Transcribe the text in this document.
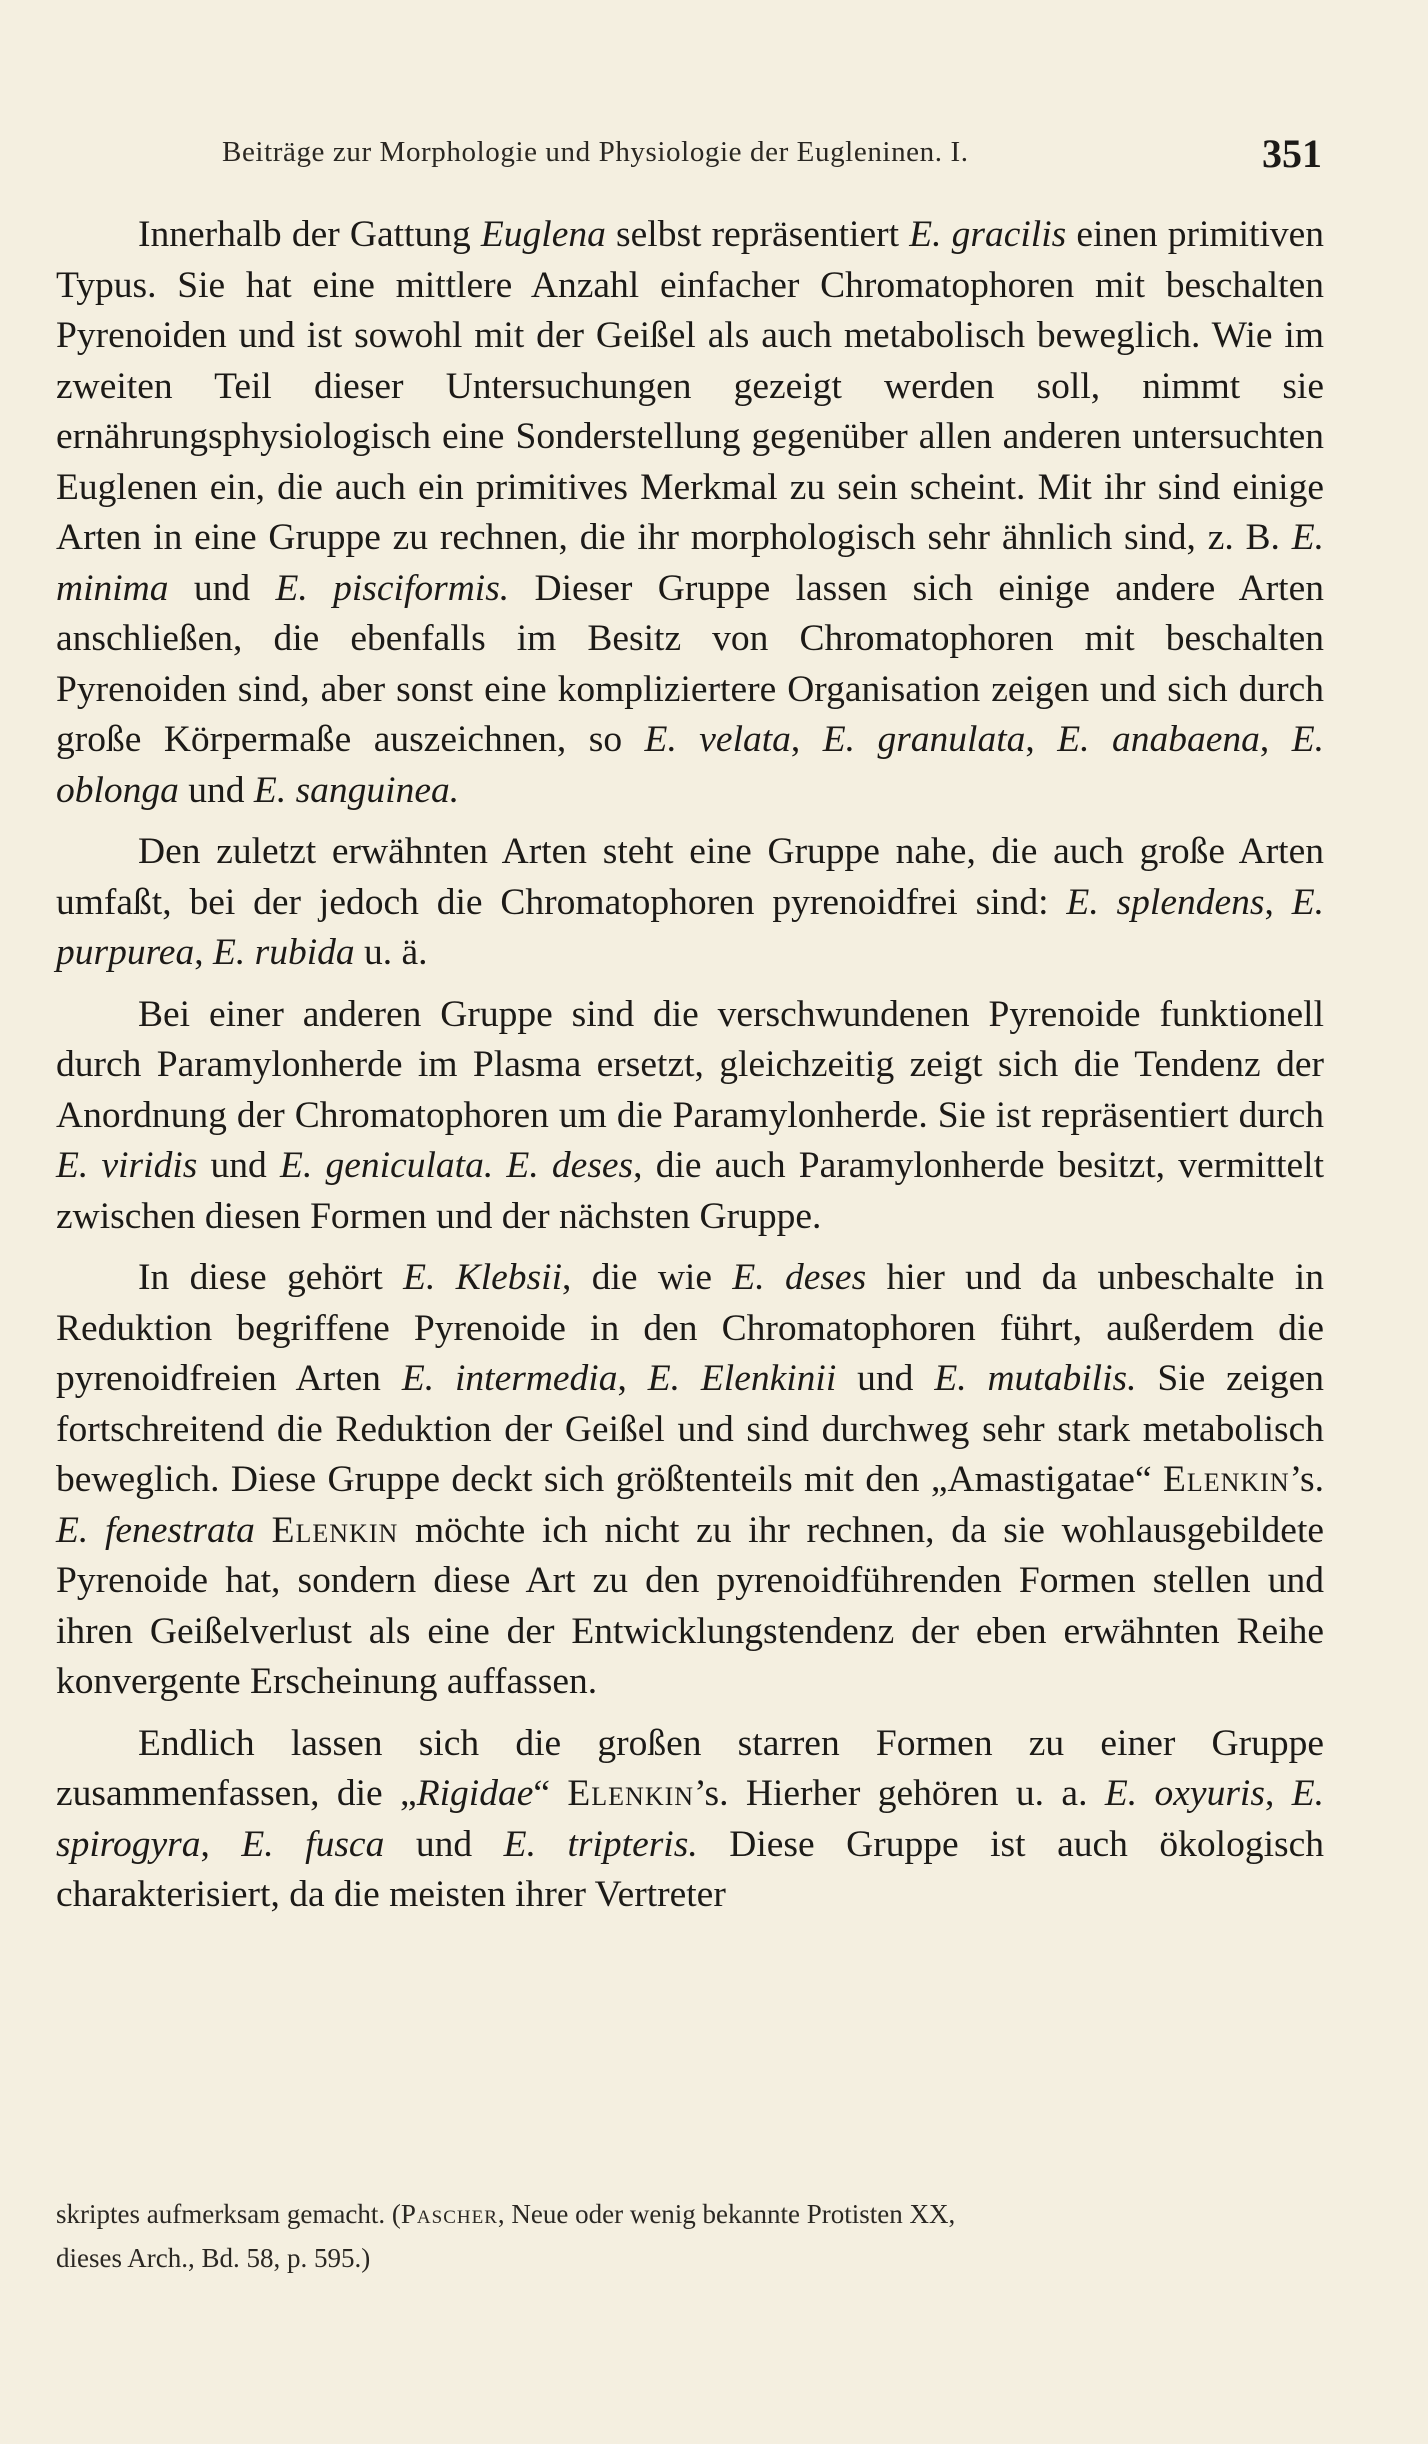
Beiträge zur Morphologie und Physiologie der Eugleninen. I.	351

Innerhalb der Gattung Euglena selbst repräsentiert E. gracilis einen primitiven Typus. Sie hat eine mittlere Anzahl einfacher Chromatophoren mit beschalten Pyrenoiden und ist sowohl mit der Geißel als auch metabolisch beweglich. Wie im zweiten Teil dieser Untersuchungen gezeigt werden soll, nimmt sie ernährungsphysiologisch eine Sonderstellung gegenüber allen anderen untersuchten Euglenen ein, die auch ein primitives Merkmal zu sein scheint. Mit ihr sind einige Arten in eine Gruppe zu rechnen, die ihr morphologisch sehr ähnlich sind, z. B. E. minima und E. pisciformis. Dieser Gruppe lassen sich einige andere Arten anschließen, die ebenfalls im Besitz von Chromatophoren mit beschalten Pyrenoiden sind, aber sonst eine kompliziertere Organisation zeigen und sich durch große Körpermaße auszeichnen, so E. velata, E. granulata, E. anabaena, E. oblonga und E. sanguinea.

Den zuletzt erwähnten Arten steht eine Gruppe nahe, die auch große Arten umfaßt, bei der jedoch die Chromatophoren pyrenoidfrei sind: E. splendens, E. purpurea, E. rubida u. ä.

Bei einer anderen Gruppe sind die verschwundenen Pyrenoide funktionell durch Paramylonherde im Plasma ersetzt, gleichzeitig zeigt sich die Tendenz der Anordnung der Chromatophoren um die Paramylonherde. Sie ist repräsentiert durch E. viridis und E. geniculata. E. deses, die auch Paramylonherde besitzt, vermittelt zwischen diesen Formen und der nächsten Gruppe.

In diese gehört E. Klebsii, die wie E. deses hier und da unbeschalte in Reduktion begriffene Pyrenoide in den Chromatophoren führt, außerdem die pyrenoidfreien Arten E. intermedia, E. Elenkinii und E. mutabilis. Sie zeigen fortschreitend die Reduktion der Geißel und sind durchweg sehr stark metabolisch beweglich. Diese Gruppe deckt sich größtenteils mit den „Amastigatae“ Elenkin’s. E. fenestrata Elenkin möchte ich nicht zu ihr rechnen, da sie wohlausgebildete Pyrenoide hat, sondern diese Art zu den pyrenoidführenden Formen stellen und ihren Geißelverlust als eine der Entwicklungstendenz der eben erwähnten Reihe konvergente Erscheinung auffassen.

Endlich lassen sich die großen starren Formen zu einer Gruppe zusammenfassen, die „Rigidae“ Elenkin’s. Hierher gehören u. a. E. oxyuris, E. spirogyra, E. fusca und E. tripteris. Diese Gruppe ist auch ökologisch charakterisiert, da die meisten ihrer Vertreter

skriptes aufmerksam gemacht. (Pascher, Neue oder wenig bekannte Protisten XX,

dieses Arch., Bd. 58, p. 595.)
